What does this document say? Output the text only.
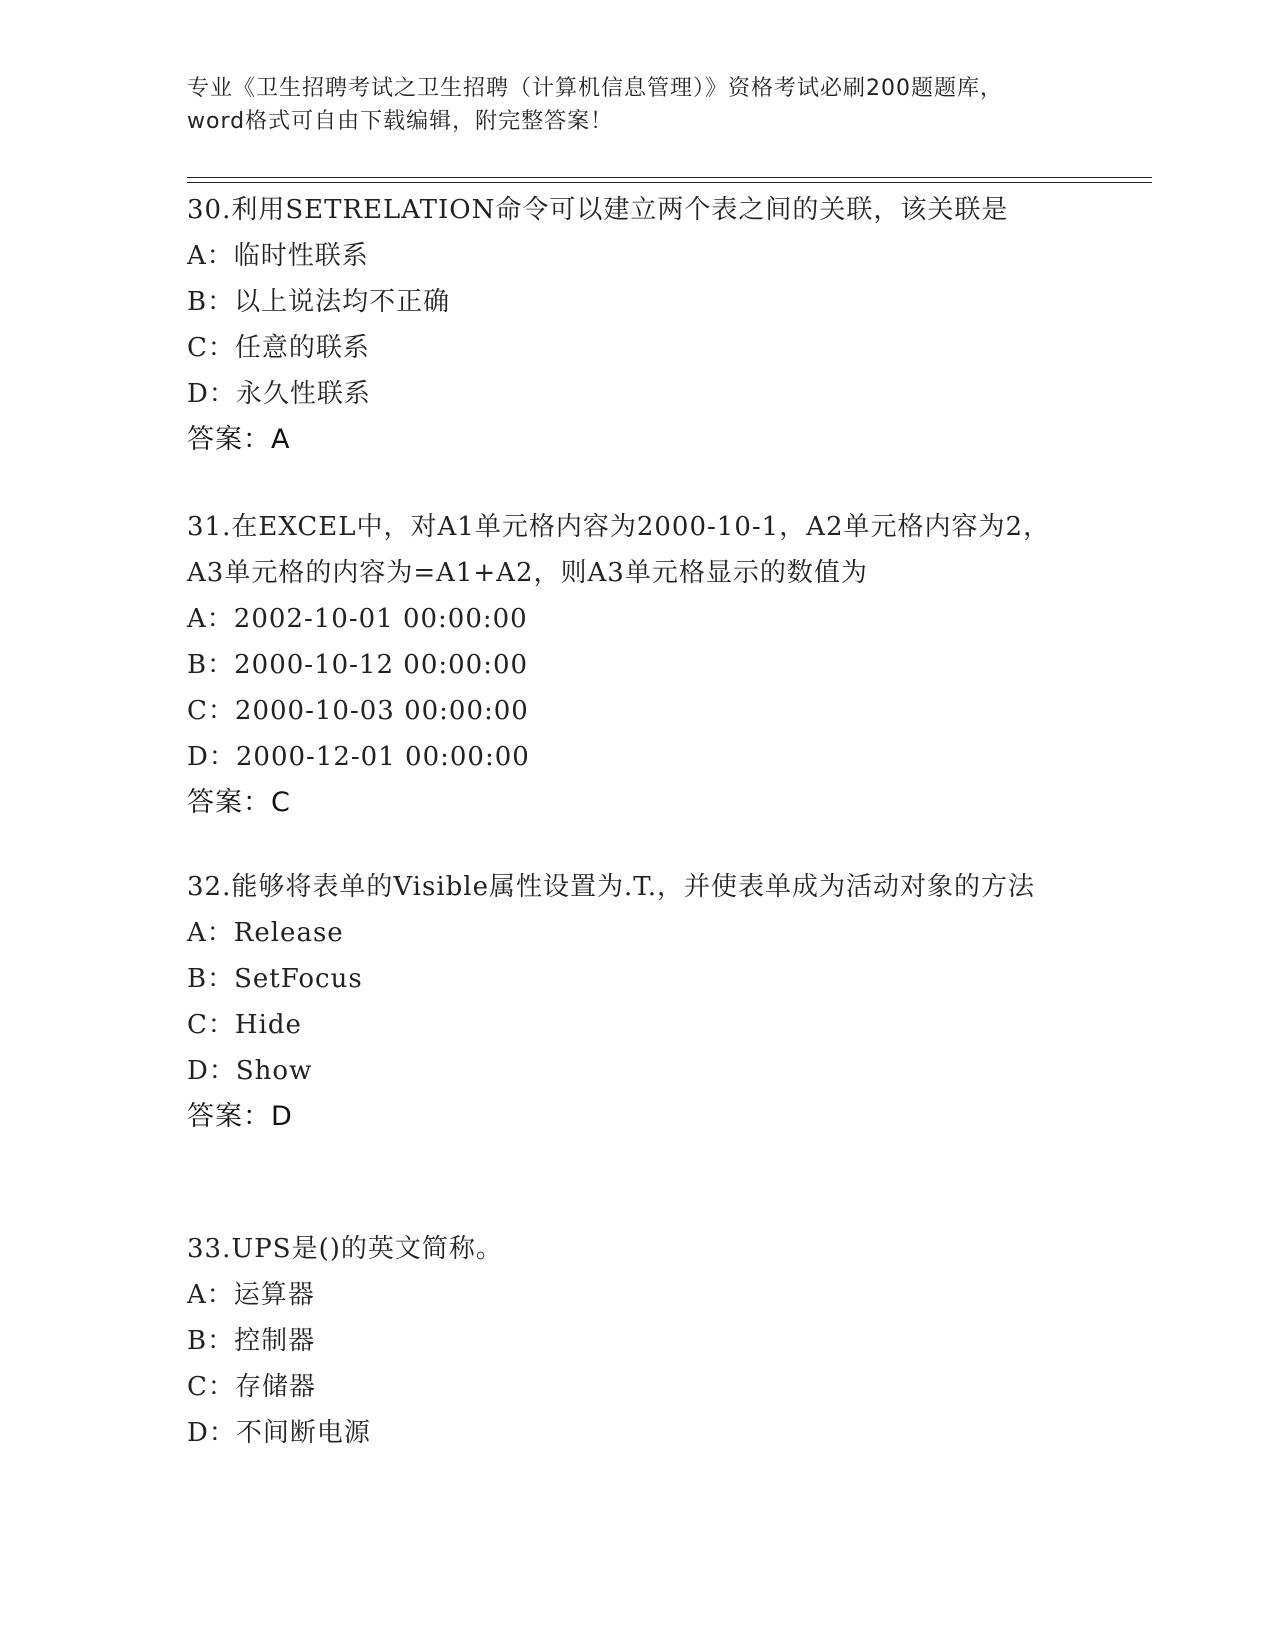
专业《卫生招聘考试之卫生招聘（计算机信息管理）》资格考试必刷200题题库，
word格式可自由下载编辑，附完整答案！
30.利用SETRELATION命令可以建立两个表之间的关联，该关联是
A：临时性联系
B：以上说法均不正确
C：任意的联系
D：永久性联系
答案：A
31.在EXCEL中，对A1单元格内容为2000-10-1，A2单元格内容为2，A3单元格的内容为=A1+A2，则A3单元格显示的数值为
A：2002-10-01 00:00:00
B：2000-10-12 00:00:00
C：2000-10-03 00:00:00
D：2000-12-01 00:00:00
答案：C
32.能够将表单的Visible属性设置为.T.，并使表单成为活动对象的方法
A：Release
B：SetFocus
C：Hide
D：Show
答案：D
33.UPS是()的英文简称。
A：运算器
B：控制器
C：存储器
D：不间断电源
